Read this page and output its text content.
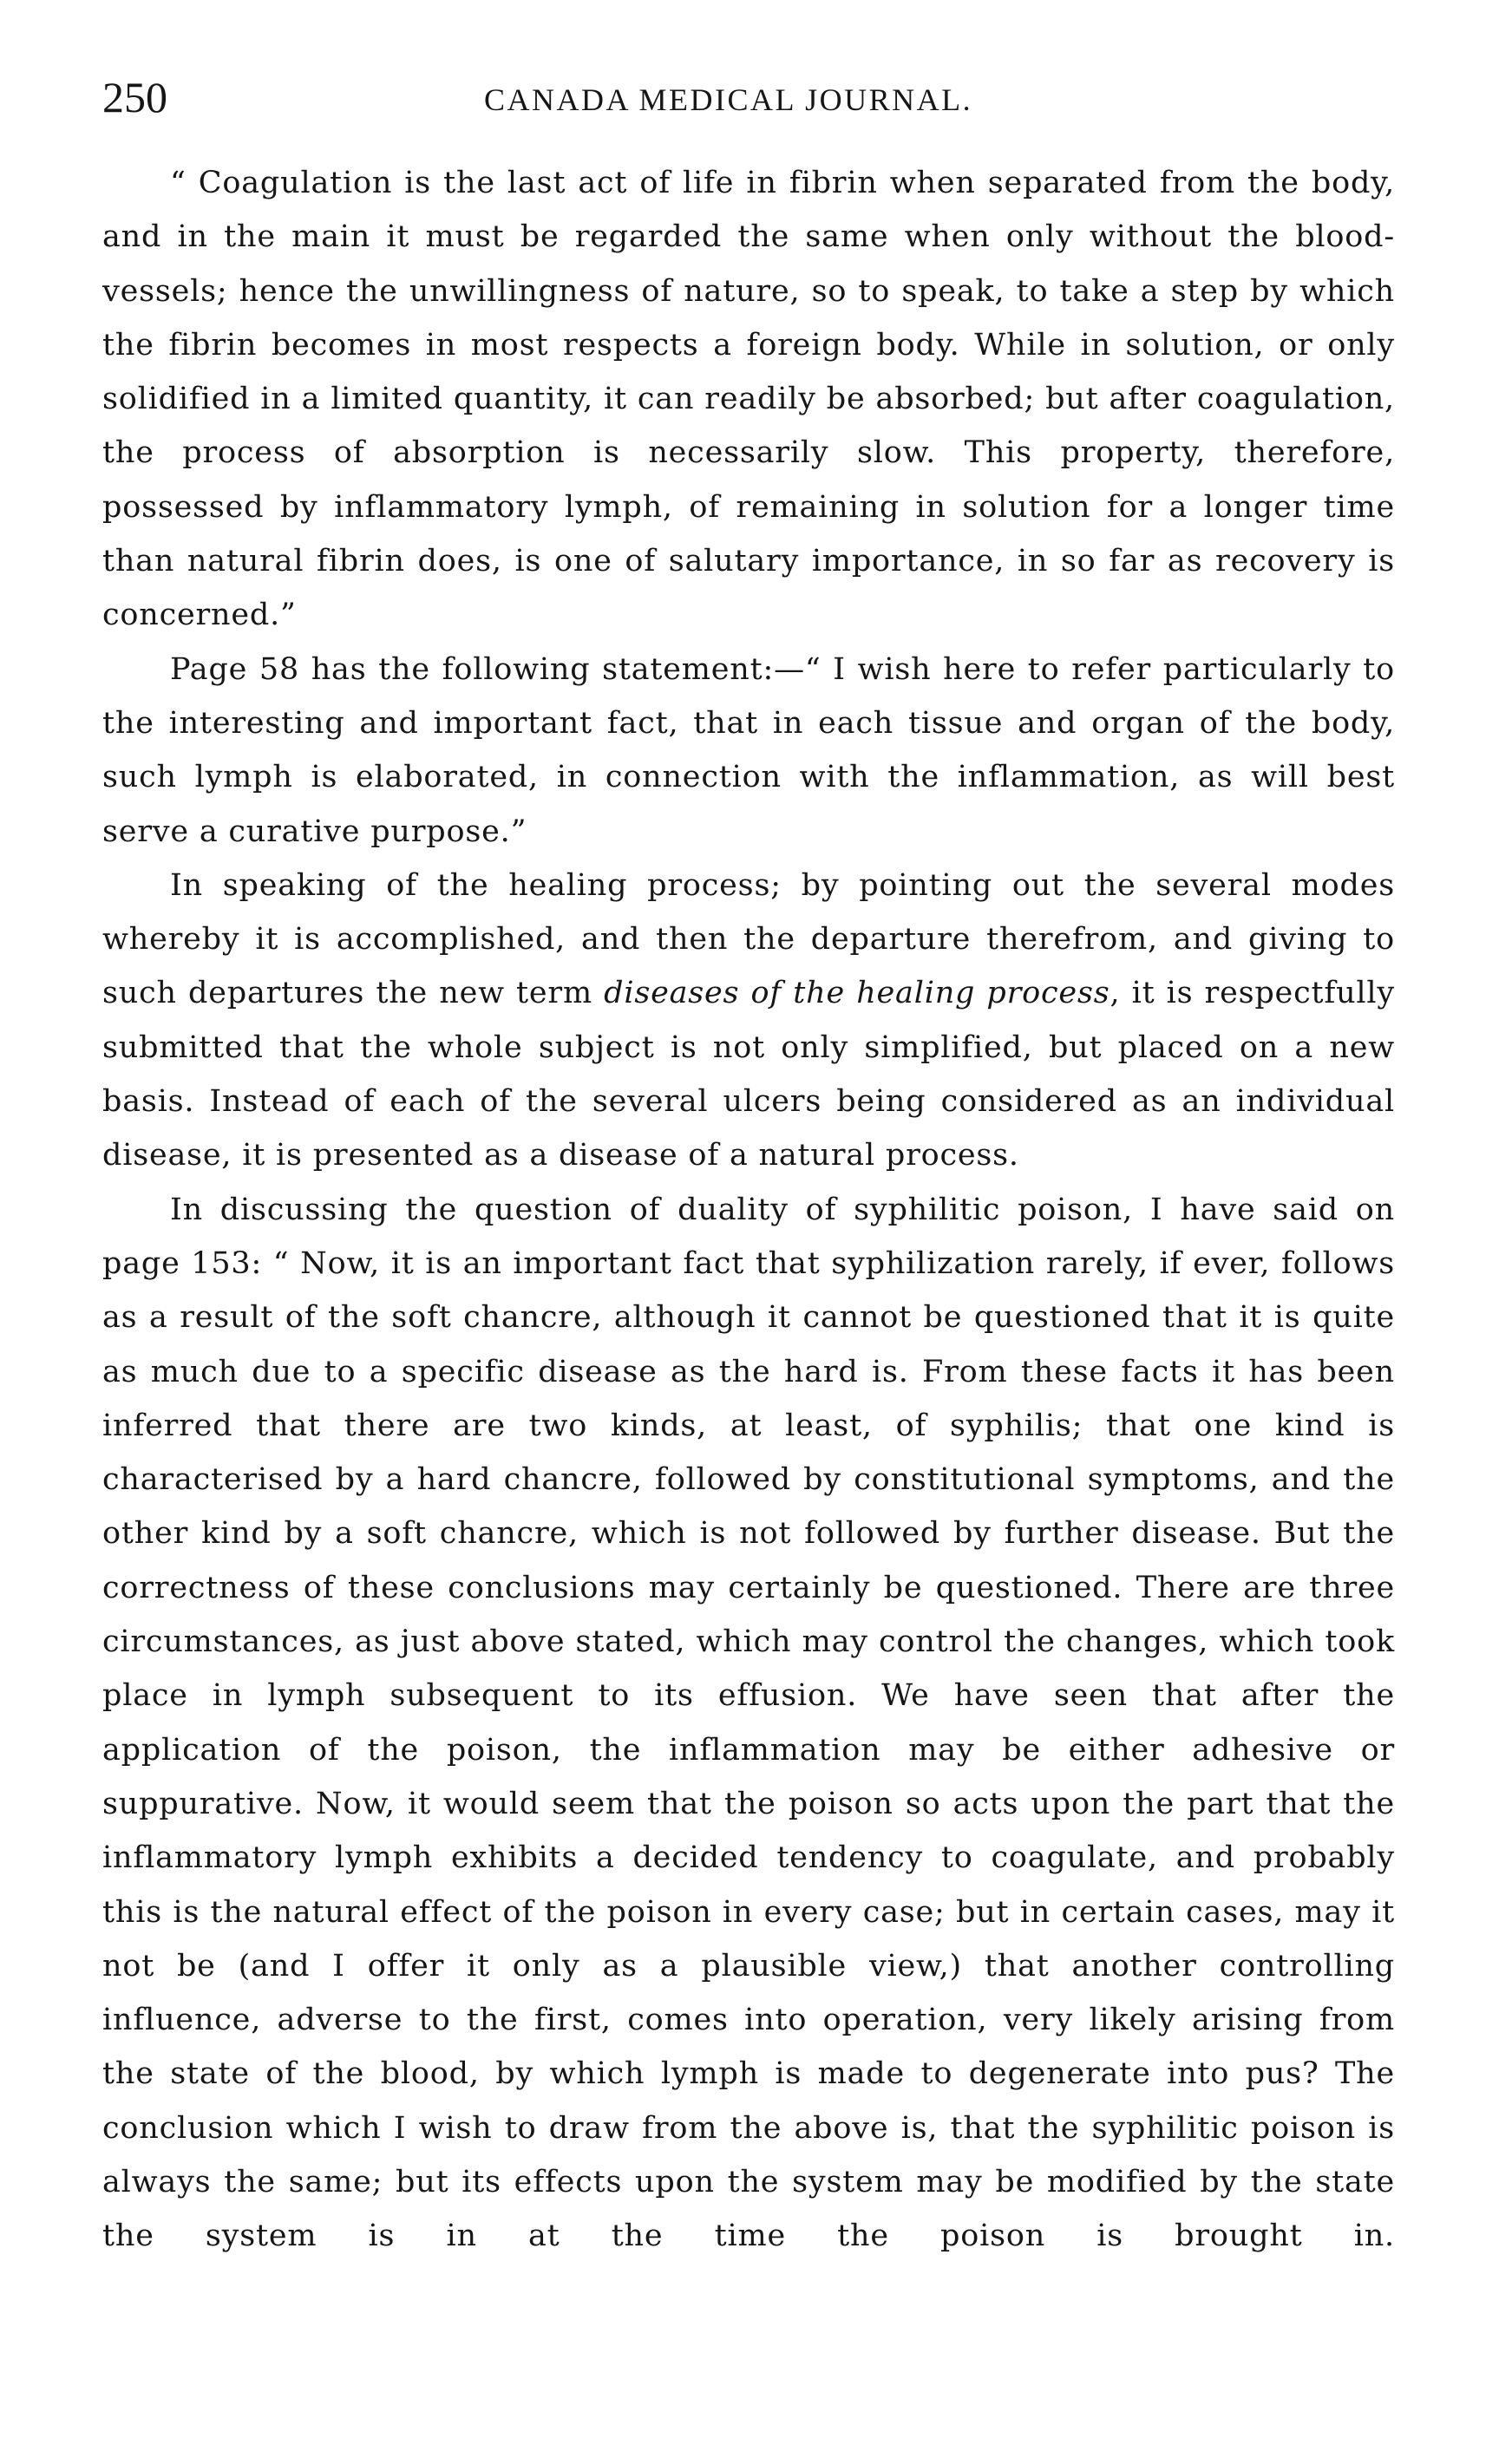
250	CANADA MEDICAL JOURNAL.

“ Coagulation is the last act of life in fibrin when separated from the body, and in the main it must be regarded the same when only without the blood-vessels; hence the unwillingness of nature, so to speak, to take a step by which the fibrin becomes in most respects a foreign body. While in solution, or only solidified in a limited quantity, it can readily be absorbed; but after coagulation, the process of absorption is necessarily slow. This property, therefore, possessed by inflammatory lymph, of remaining in solution for a longer time than natural fibrin does, is one of salutary importance, in so far as recovery is concerned.”

Page 58 has the following statement:—“ I wish here to refer particularly to the interesting and important fact, that in each tissue and organ of the body, such lymph is elaborated, in connection with the inflammation, as will best serve a curative purpose.”

In speaking of the healing process; by pointing out the several modes whereby it is accomplished, and then the departure therefrom, and giving to such departures the new term diseases of the healing process, it is respectfully submitted that the whole subject is not only simplified, but placed on a new basis. Instead of each of the several ulcers being considered as an individual disease, it is presented as a disease of a natural process.

In discussing the question of duality of syphilitic poison, I have said on page 153: “ Now, it is an important fact that syphilization rarely, if ever, follows as a result of the soft chancre, although it cannot be questioned that it is quite as much due to a specific disease as the hard is. From these facts it has been inferred that there are two kinds, at least, of syphilis; that one kind is characterised by a hard chancre, followed by constitutional symptoms, and the other kind by a soft chancre, which is not followed by further disease. But the correctness of these conclusions may certainly be questioned. There are three circumstances, as just above stated, which may control the changes, which took place in lymph subsequent to its effusion. We have seen that after the application of the poison, the inflammation may be either adhesive or suppurative. Now, it would seem that the poison so acts upon the part that the inflammatory lymph exhibits a decided tendency to coagulate, and probably this is the natural effect of the poison in every case; but in certain cases, may it not be (and I offer it only as a plausible view,) that another controlling influence, adverse to the first, comes into operation, very likely arising from the state of the blood, by which lymph is made to degenerate into pus? The conclusion which I wish to draw from the above is, that the syphilitic poison is always the same; but its effects upon the system may be modified by the state the system is in at the time the poison is brought in.
